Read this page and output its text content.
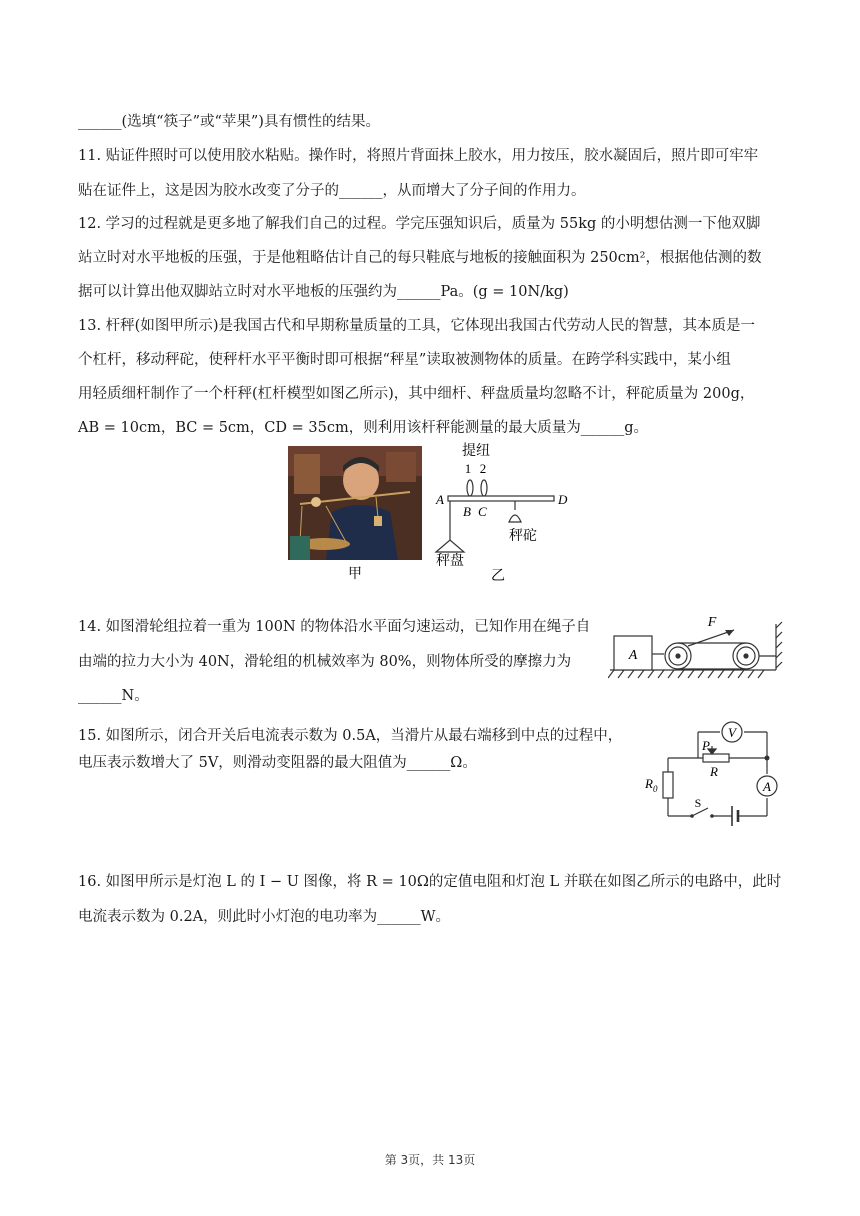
______(选填“筷子”或“苹果”)具有惯性的结果。
11. 贴证件照时可以使用胶水粘贴。操作时，将照片背面抹上胶水，用力按压，胶水凝固后，照片即可牢牢
贴在证件上，这是因为胶水改变了分子的______，从而增大了分子间的作用力。
12. 学习的过程就是更多地了解我们自己的过程。学完压强知识后，质量为 55kg 的小明想估测一下他双脚
站立时对水平地板的压强，于是他粗略估计自己的每只鞋底与地板的接触面积为 250cm²，根据他估测的数
据可以计算出他双脚站立时对水平地板的压强约为______Pa。(g = 10N/kg)
13. 杆秤(如图甲所示)是我国古代和早期称量质量的工具，它体现出我国古代劳动人民的智慧，其本质是一
个杠杆，移动秤砣，使秤杆水平平衡时即可根据“秤星”读取被测物体的质量。在跨学科实践中，某小组
用轻质细杆制作了一个杆秤(杠杆模型如图乙所示)，其中细杆、秤盘质量均忽略不计，秤砣质量为 200g，
AB = 10cm，BC = 5cm，CD = 35cm，则利用该杆秤能测量的最大质量为______g。
甲
提纽
1 2
A
B C
D
秤盘
秤砣
乙
14. 如图滑轮组拉着一重为 100N 的物体沿水平面匀速运动，已知作用在绳子自
由端的拉力大小为 40N，滑轮组的机械效率为 80%，则物体所受的摩擦力为
______N。
A
F
15. 如图所示，闭合开关后电流表示数为 0.5A，当滑片从最右端移到中点的过程中，
电压表示数增大了 5V，则滑动变阻器的最大阻值为______Ω。
V
A
P
R
$R_0$
S
16. 如图甲所示是灯泡 L 的 I − U 图像，将 R = 10Ω的定值电阻和灯泡 L 并联在如图乙所示的电路中，此时
电流表示数为 0.2A，则此时小灯泡的电功率为______W。
第 3页，共 13页
